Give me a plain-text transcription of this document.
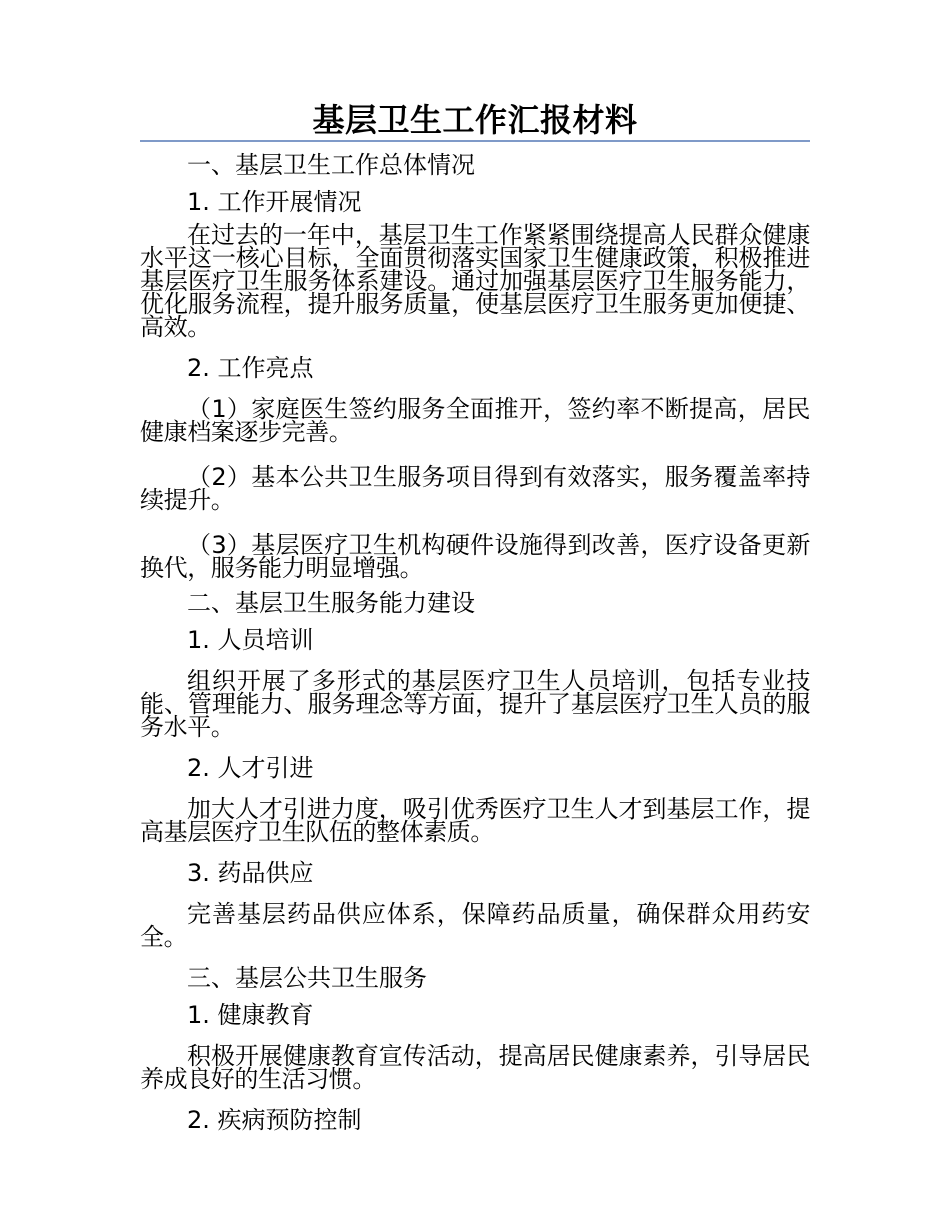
基层卫生工作汇报材料

一、基层卫生工作总体情况

1. 工作开展情况

在过去的一年中，基层卫生工作紧紧围绕提高人民群众健康水平这一核心目标，全面贯彻落实国家卫生健康政策，积极推进基层医疗卫生服务体系建设。通过加强基层医疗卫生服务能力，优化服务流程，提升服务质量，使基层医疗卫生服务更加便捷、高效。

2. 工作亮点

（1）家庭医生签约服务全面推开，签约率不断提高，居民健康档案逐步完善。

（2）基本公共卫生服务项目得到有效落实，服务覆盖率持续提升。

（3）基层医疗卫生机构硬件设施得到改善，医疗设备更新换代，服务能力明显增强。

二、基层卫生服务能力建设

1. 人员培训

组织开展了多形式的基层医疗卫生人员培训，包括专业技能、管理能力、服务理念等方面，提升了基层医疗卫生人员的服务水平。

2. 人才引进

加大人才引进力度，吸引优秀医疗卫生人才到基层工作，提高基层医疗卫生队伍的整体素质。

3. 药品供应

完善基层药品供应体系，保障药品质量，确保群众用药安全。

三、基层公共卫生服务

1. 健康教育

积极开展健康教育宣传活动，提高居民健康素养，引导居民养成良好的生活习惯。

2. 疾病预防控制
